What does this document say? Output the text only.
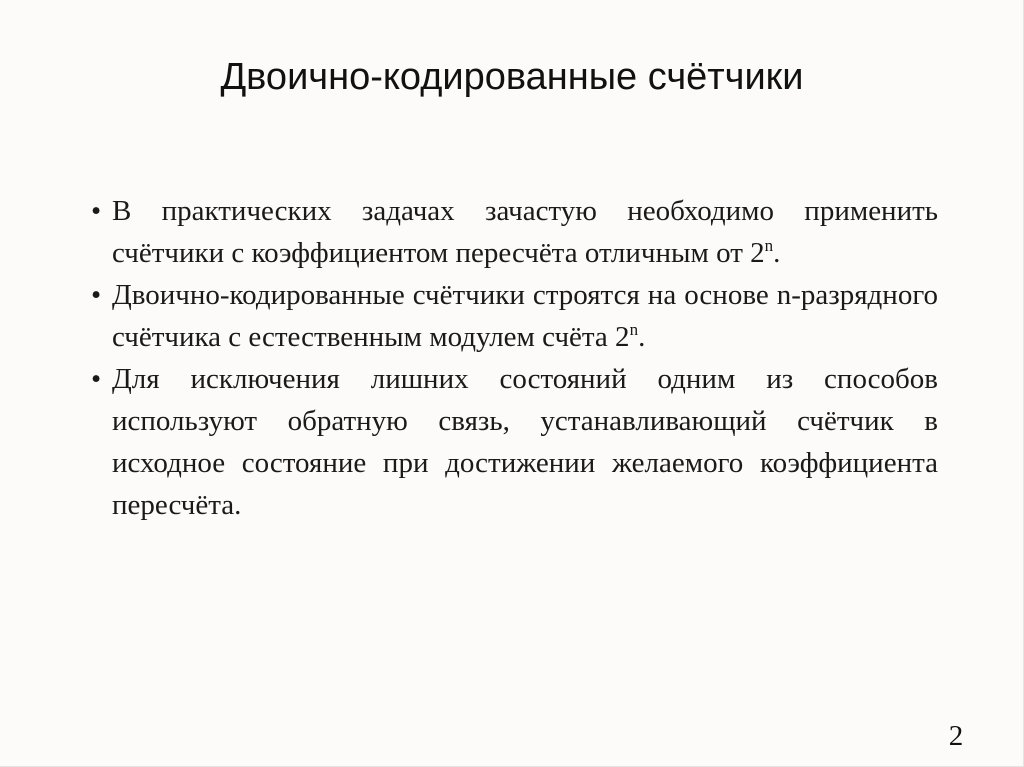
Двоично-кодированные счётчики
• В практических задачах зачастую необходимо применить счётчики с коэффициентом пересчёта отличным от 2$^n$.
• Двоично-кодированные счётчики строятся на основе n-разрядного счётчика с естественным модулем счёта 2$^n$.
• Для исключения лишних состояний одним из способов используют обратную связь, устанавливающий счётчик в исходное состояние при достижении желаемого коэффициента пересчёта.
2
